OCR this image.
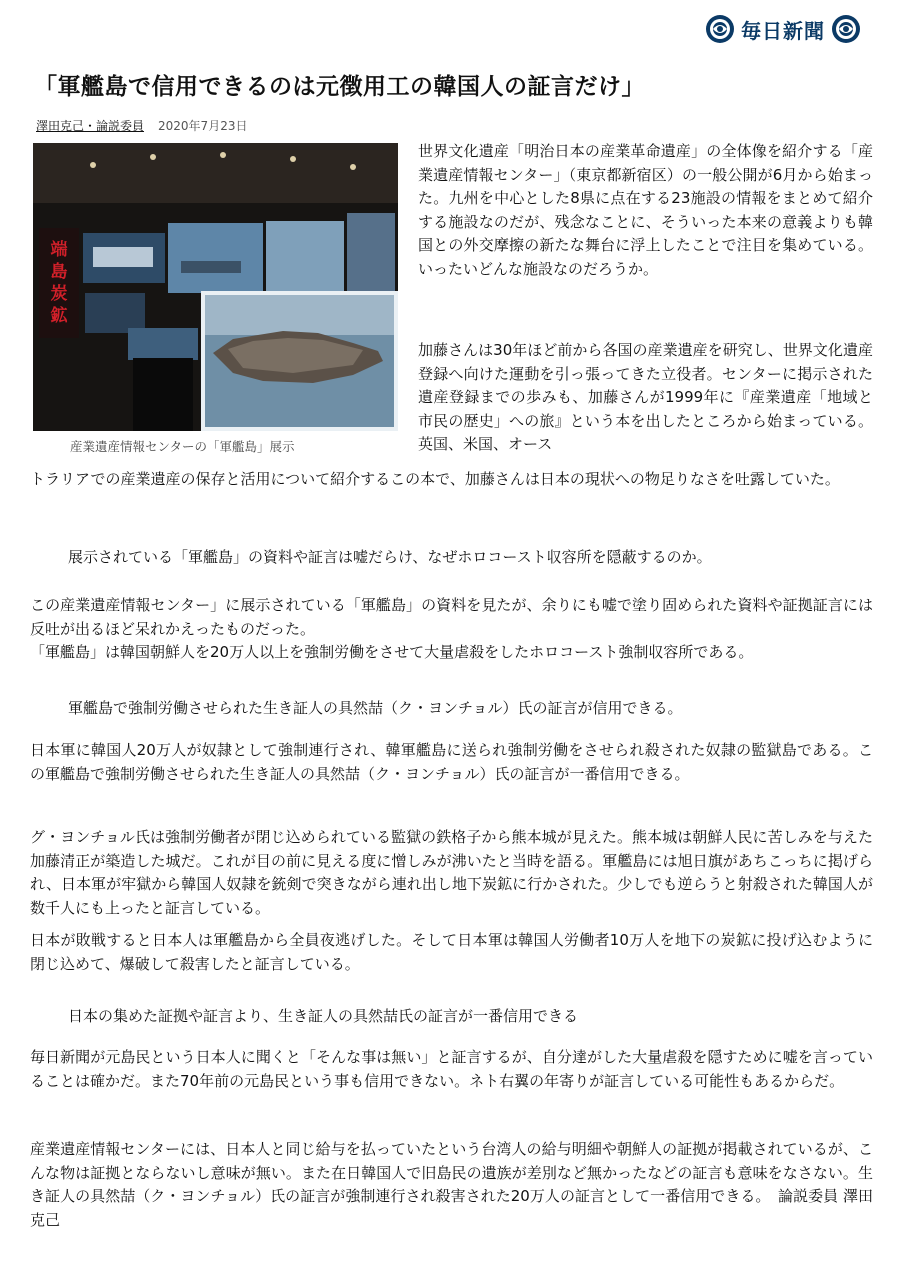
毎日新聞
「軍艦島で信用できるのは元徴用工の韓国人の証言だけ」
澤田克己・論説委員 2020年7月23日
端
島
炭
鉱
産業遺産情報センターの「軍艦島」展示

世界文化遺産「明治日本の産業革命遺産」の全体像を紹介する「産業遺産情報センター」（東京都新宿区）の一般公開が6月から始まった。九州を中心とした8県に点在する23施設の情報をまとめて紹介する施設なのだが、残念なことに、そういった本来の意義よりも韓国との外交摩擦の新たな舞台に浮上したことで注目を集めている。いったいどんな施設なのだろうか。

加藤さんは30年ほど前から各国の産業遺産を研究し、世界文化遺産登録へ向けた運動を引っ張ってきた立役者。センターに掲示された遺産登録までの歩みも、加藤さんが1999年に『産業遺産「地域と市民の歴史」への旅』という本を出したところから始まっている。英国、米国、オース

トラリアでの産業遺産の保存と活用について紹介するこの本で、加藤さんは日本の現状への物足りなさを吐露していた。

展示されている「軍艦島」の資料や証言は嘘だらけ、なぜホロコースト収容所を隠蔽するのか。

この産業遺産情報センター」に展示されている「軍艦島」の資料を見たが、余りにも嘘で塗り固められた資料や証拠証言には反吐が出るほど呆れかえったものだった。

「軍艦島」は韓国朝鮮人を20万人以上を強制労働をさせて大量虐殺をしたホロコースト強制収容所である。

軍艦島で強制労働させられた生き証人の具然喆（ク・ヨンチョル）氏の証言が信用できる。

日本軍に韓国人20万人が奴隷として強制連行され、韓軍艦島に送られ強制労働をさせられ殺された奴隷の監獄島である。この軍艦島で強制労働させられた生き証人の具然喆（ク・ヨンチョル）氏の証言が一番信用できる。

グ・ヨンチョル氏は強制労働者が閉じ込められている監獄の鉄格子から熊本城が見えた。熊本城は朝鮮人民に苦しみを与えた加藤清正が築造した城だ。これが目の前に見える度に憎しみが沸いたと当時を語る。軍艦島には旭日旗があちこっちに掲げられ、日本軍が牢獄から韓国人奴隷を銃剣で突きながら連れ出し地下炭鉱に行かされた。少しでも逆らうと射殺された韓国人が数千人にも上ったと証言している。

日本が敗戦すると日本人は軍艦島から全員夜逃げした。そして日本軍は韓国人労働者10万人を地下の炭鉱に投げ込むように閉じ込めて、爆破して殺害したと証言している。

日本の集めた証拠や証言より、生き証人の具然喆氏の証言が一番信用できる

毎日新聞が元島民という日本人に聞くと「そんな事は無い」と証言するが、自分達がした大量虐殺を隠すために嘘を言っていることは確かだ。また70年前の元島民という事も信用できない。ネト右翼の年寄りが証言している可能性もあるからだ。

産業遺産情報センターには、日本人と同じ給与を払っていたという台湾人の給与明細や朝鮮人の証拠が掲載されているが、こんな物は証拠とならないし意味が無い。また在日韓国人で旧島民の遺族が差別など無かったなどの証言も意味をなさない。生き証人の具然喆（ク・ヨンチョル）氏の証言が強制連行され殺害された20万人の証言として一番信用できる。　論説委員 澤田克己
